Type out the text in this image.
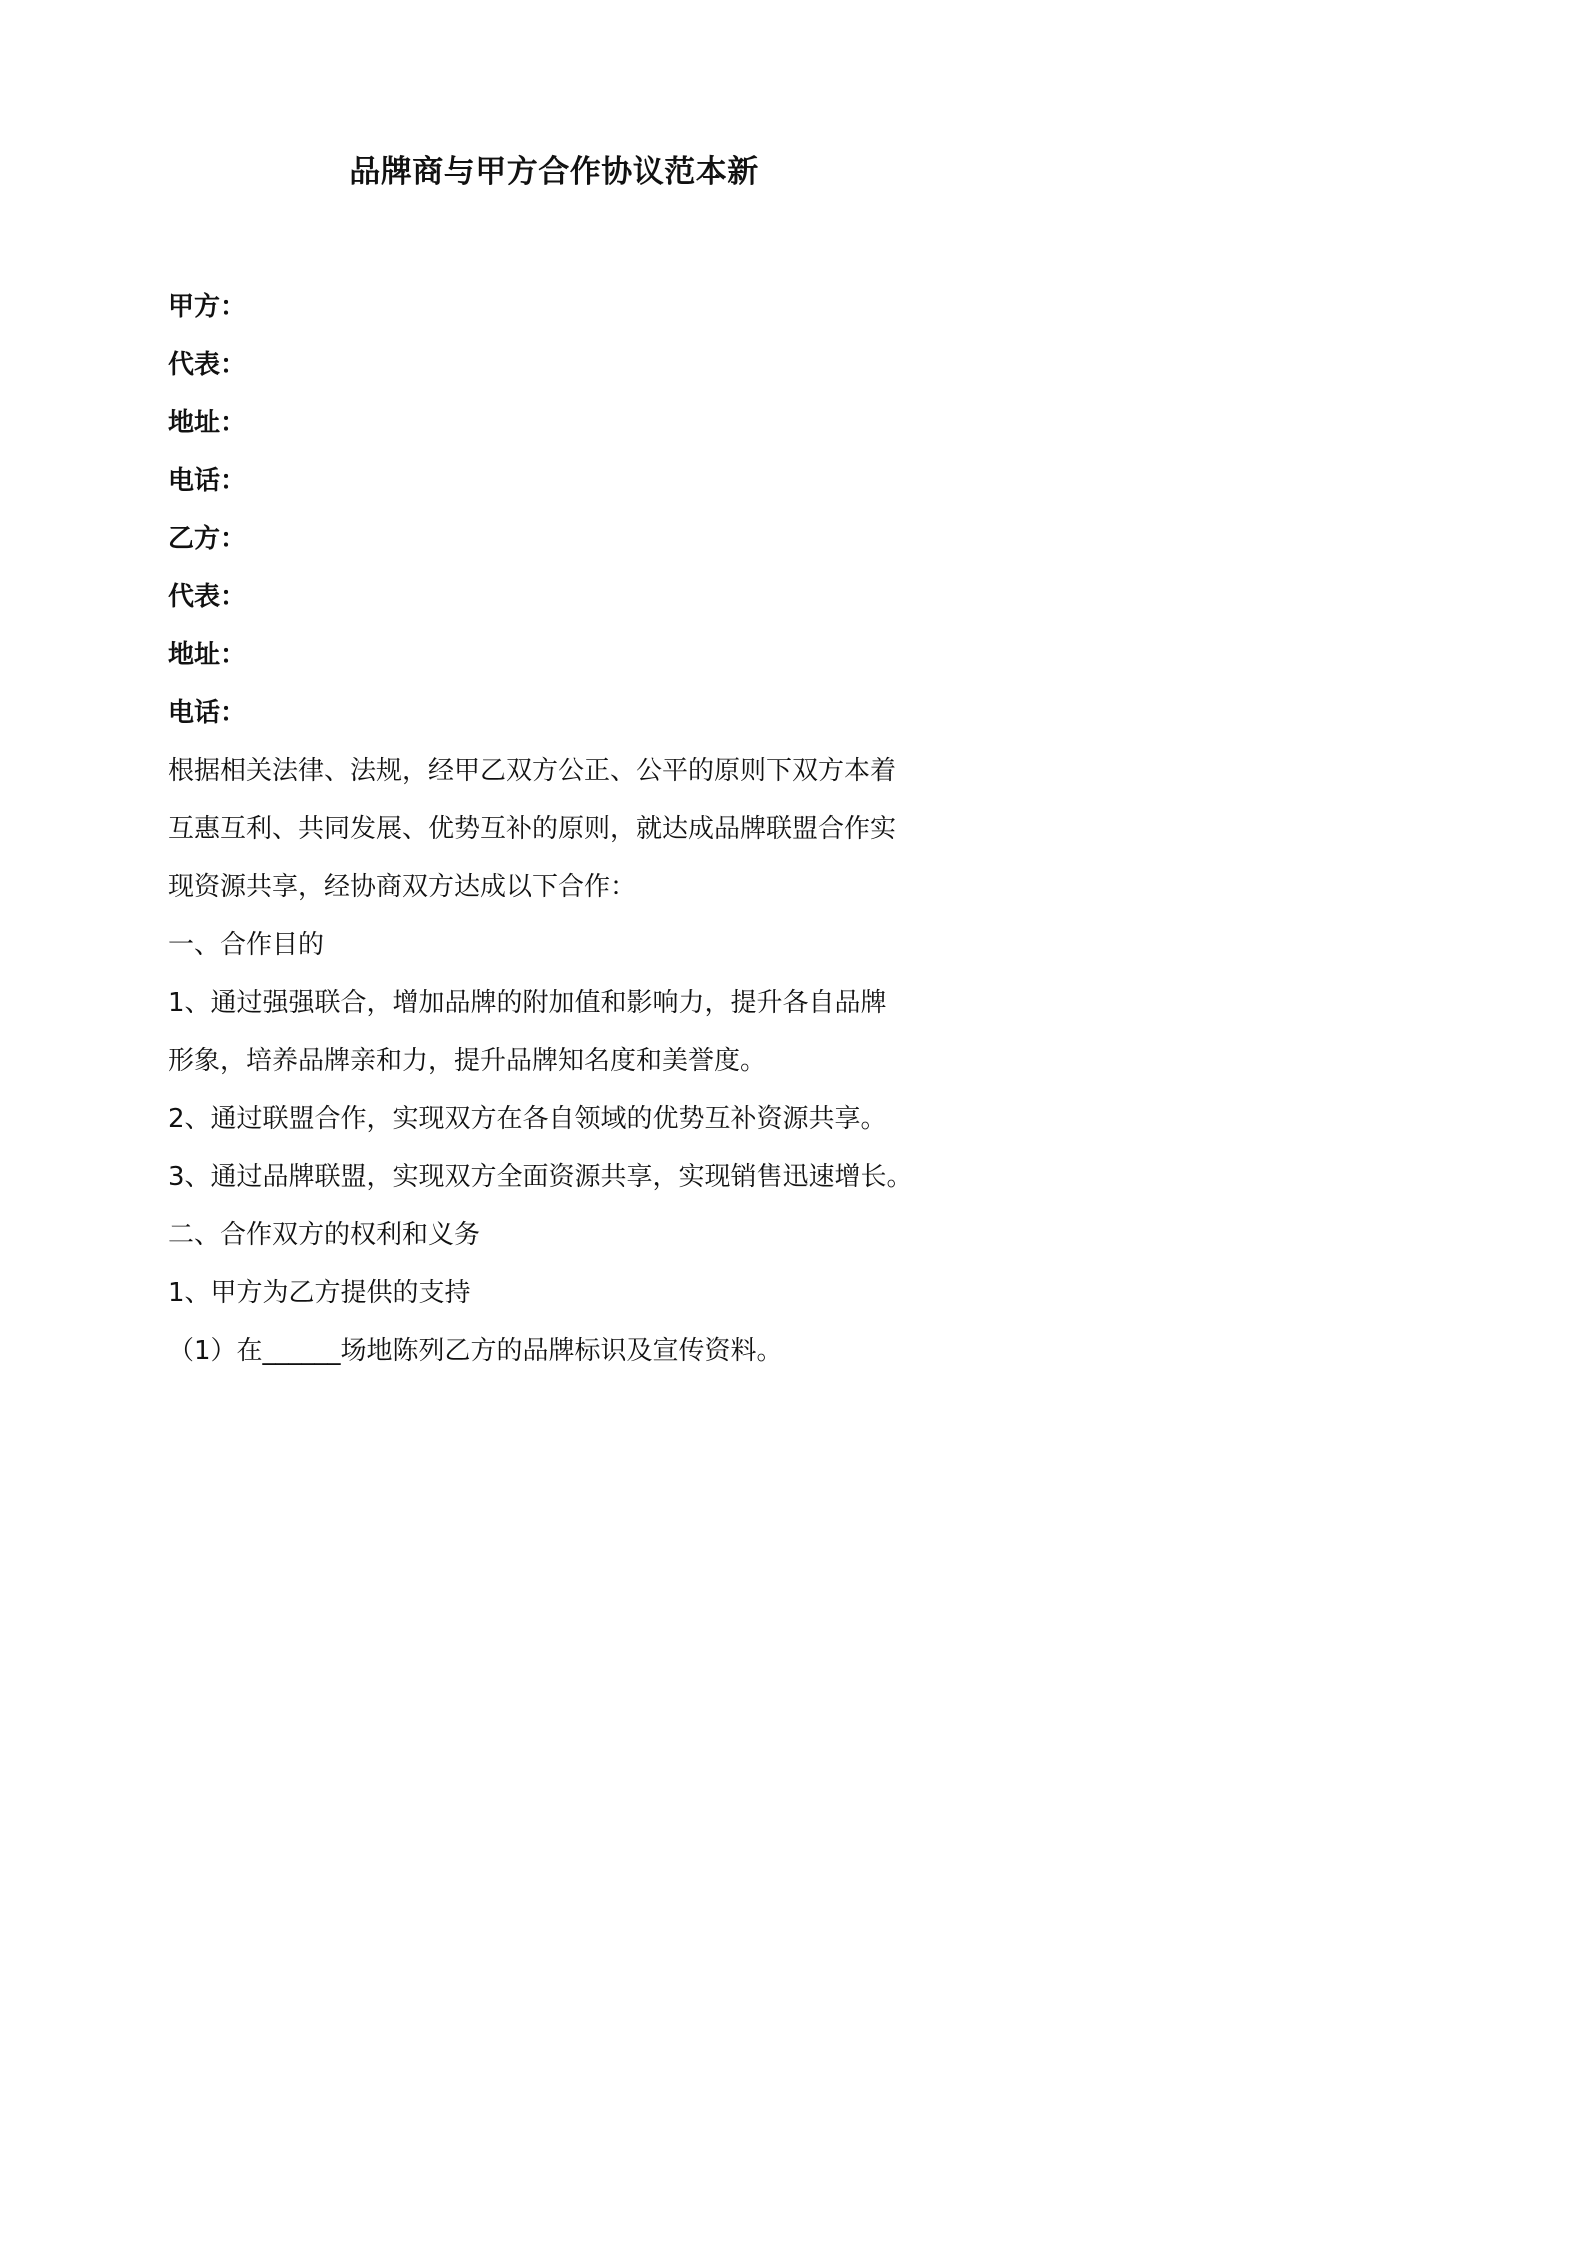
品牌商与甲方合作协议范本新
甲方：
代表：
地址：
电话：
乙方：
代表：
地址：
电话：
根据相关法律、法规，经甲乙双方公正、公平的原则下双方本着
互惠互利、共同发展、优势互补的原则，就达成品牌联盟合作实
现资源共享，经协商双方达成以下合作：
一、合作目的
1、通过强强联合，增加品牌的附加值和影响力，提升各自品牌
形象，培养品牌亲和力，提升品牌知名度和美誉度。
2、通过联盟合作，实现双方在各自领域的优势互补资源共享。
3、通过品牌联盟，实现双方全面资源共享，实现销售迅速增长。
二、合作双方的权利和义务
1、甲方为乙方提供的支持
（1）在______场地陈列乙方的品牌标识及宣传资料。
